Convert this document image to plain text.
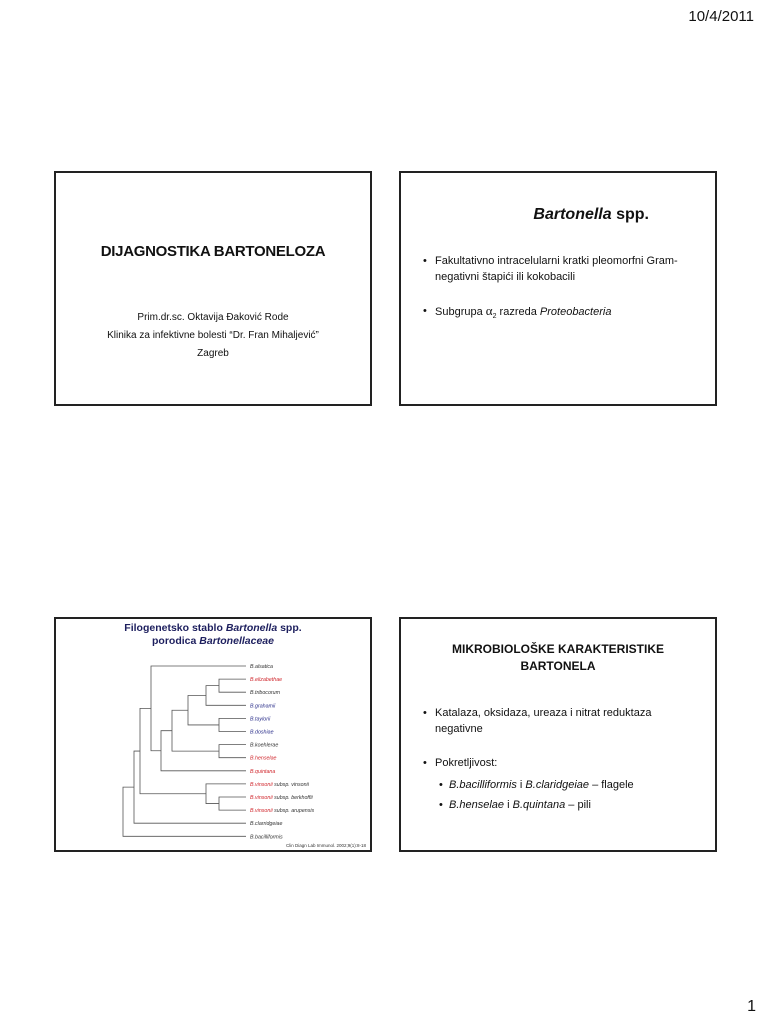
10/4/2011
DIJAGNOSTIKA BARTONELOZA
Prim.dr.sc. Oktavija Đaković Rode
Klinika za infektivne bolesti “Dr. Fran Mihaljević”
Zagreb
Bartonella spp.
• Fakultativno intracelularni kratki pleomorfni Gram-negativni štapići ili kokobacili
• Subgrupa $\alpha_2$ razreda Proteobacteria
Filogenetsko stablo Bartonella spp.
porodica Bartonellaceae
B.alsatica
B.elizabethae
B.tribocorum
B.grahamii
B.taylorii
B.doshiae
B.koehlerae
B.henselae
B.quintana
B.vinsonii subsp. vinsonii
B.vinsonii subsp. berkhoffii
B.vinsonii subsp. arupensis
B.clarridgeiae
B.bacilliformis
Clin Diagn Lab Immunol. 2002;9(1):8-18
MIKROBIOLOŠKE KARAKTERISTIKE
BARTONELA
• Katalaza, oksidaza, ureaza i nitrat reduktaza negativne
• Pokretljivost:
• B.bacilliformis i B.claridgeiae – flagele
• B.henselae i B.quintana – pili
1
